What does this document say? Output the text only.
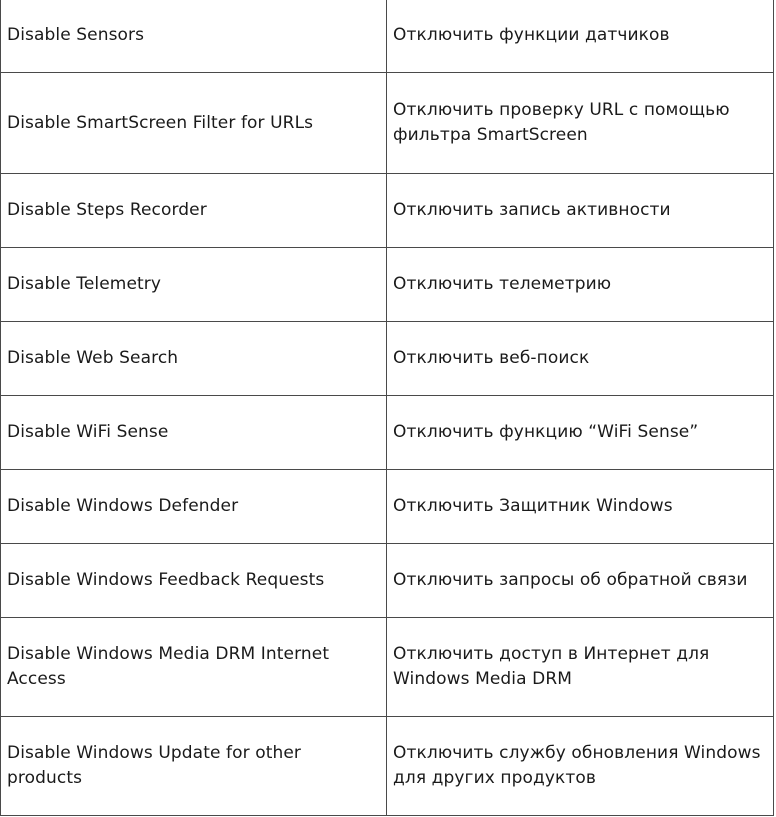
Disable Sensors	Отключить функции датчиков
Disable SmartScreen Filter for URLs	Отключить проверку URL с помощью фильтра SmartScreen
Disable Steps Recorder	Отключить запись активности
Disable Telemetry	Отключить телеметрию
Disable Web Search	Отключить веб-поиск
Disable WiFi Sense	Отключить функцию “WiFi Sense”
Disable Windows Defender	Отключить Защитник Windows
Disable Windows Feedback Requests	Отключить запросы об обратной связи
Disable Windows Media DRM Internet Access	Отключить доступ в Интернет для Windows Media DRM
Disable Windows Update for other products	Отключить службу обновления Windows для других продуктов
